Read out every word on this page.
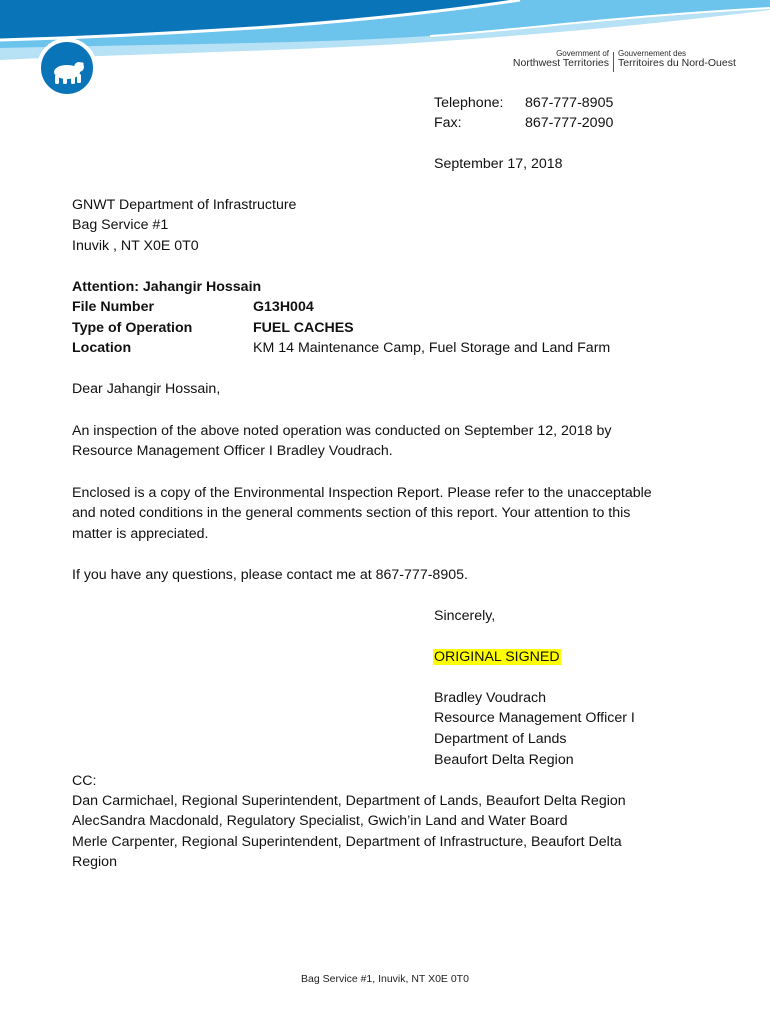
Government of
Northwest Territories
Gouvernement des
Territoires du Nord-Ouest
Telephone: 867-777-8905
Fax:	867-777-2090
September 17, 2018
GNWT Department of Infrastructure
Bag Service #1
Inuvik , NT X0E 0T0
Attention: Jahangir Hossain
File Number	G13H004
Type of Operation	FUEL CACHES
Location	KM 14 Maintenance Camp, Fuel Storage and Land Farm
Dear Jahangir Hossain,
An inspection of the above noted operation was conducted on September 12, 2018 by
Resource Management Officer I Bradley Voudrach.
Enclosed is a copy of the Environmental Inspection Report. Please refer to the unacceptable
and noted conditions in the general comments section of this report. Your attention to this
matter is appreciated.
If you have any questions, please contact me at 867-777-8905.
Sincerely,
ORIGINAL SIGNED
Bradley Voudrach
Resource Management Officer I
Department of Lands
Beaufort Delta Region
CC:
Dan Carmichael, Regional Superintendent, Department of Lands, Beaufort Delta Region
AlecSandra Macdonald, Regulatory Specialist, Gwich’in Land and Water Board
Merle Carpenter, Regional Superintendent, Department of Infrastructure, Beaufort Delta
Region
Bag Service #1, Inuvik, NT X0E 0T0
